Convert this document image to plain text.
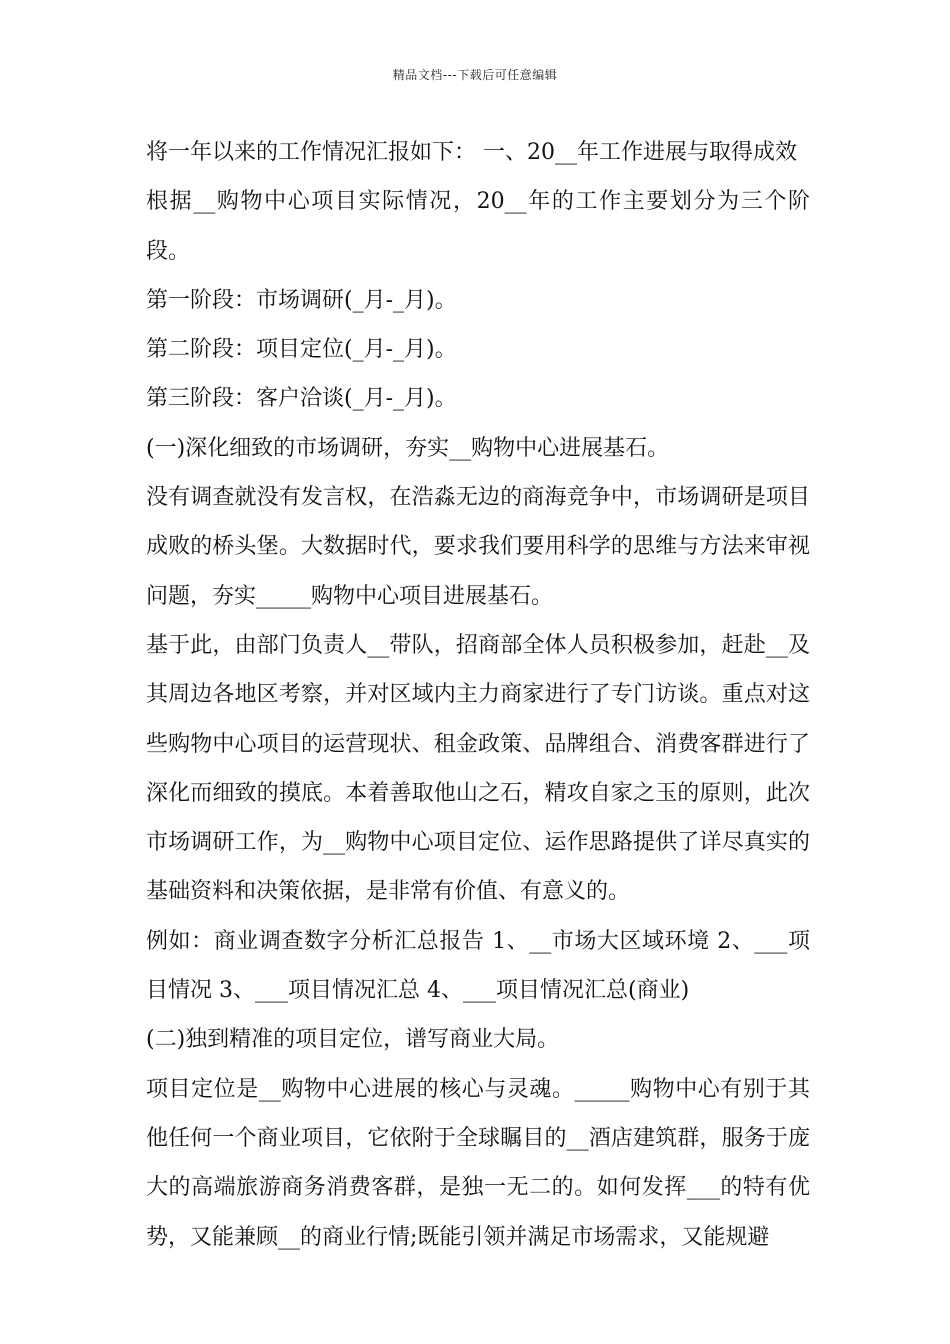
精品文档---下载后可任意编辑

将一年以来的工作情况汇报如下： 一、20__年工作进展与取得成效

根据__购物中心项目实际情况，20__年的工作主要划分为三个阶段。

第一阶段：市场调研(_月-_月)。

第二阶段：项目定位(_月-_月)。

第三阶段：客户洽谈(_月-_月)。

(一)深化细致的市场调研，夯实__购物中心进展基石。

没有调查就没有发言权，在浩淼无边的商海竞争中，市场调研是项目成败的桥头堡。大数据时代，要求我们要用科学的思维与方法来审视问题，夯实_____购物中心项目进展基石。

基于此，由部门负责人__带队，招商部全体人员积极参加，赶赴__及其周边各地区考察，并对区域内主力商家进行了专门访谈。重点对这些购物中心项目的运营现状、租金政策、品牌组合、消费客群进行了深化而细致的摸底。本着善取他山之石，精攻自家之玉的原则，此次市场调研工作，为__购物中心项目定位、运作思路提供了详尽真实的基础资料和决策依据，是非常有价值、有意义的。

例如：商业调查数字分析汇总报告 1、__市场大区域环境 2、___项目情况 3、___项目情况汇总 4、___项目情况汇总(商业)

(二)独到精准的项目定位，谱写商业大局。

项目定位是__购物中心进展的核心与灵魂。_____购物中心有别于其他任何一个商业项目，它依附于全球瞩目的__酒店建筑群，服务于庞大的高端旅游商务消费客群，是独一无二的。如何发挥___的特有优势，又能兼顾__的商业行情;既能引领并满足市场需求，又能规避
